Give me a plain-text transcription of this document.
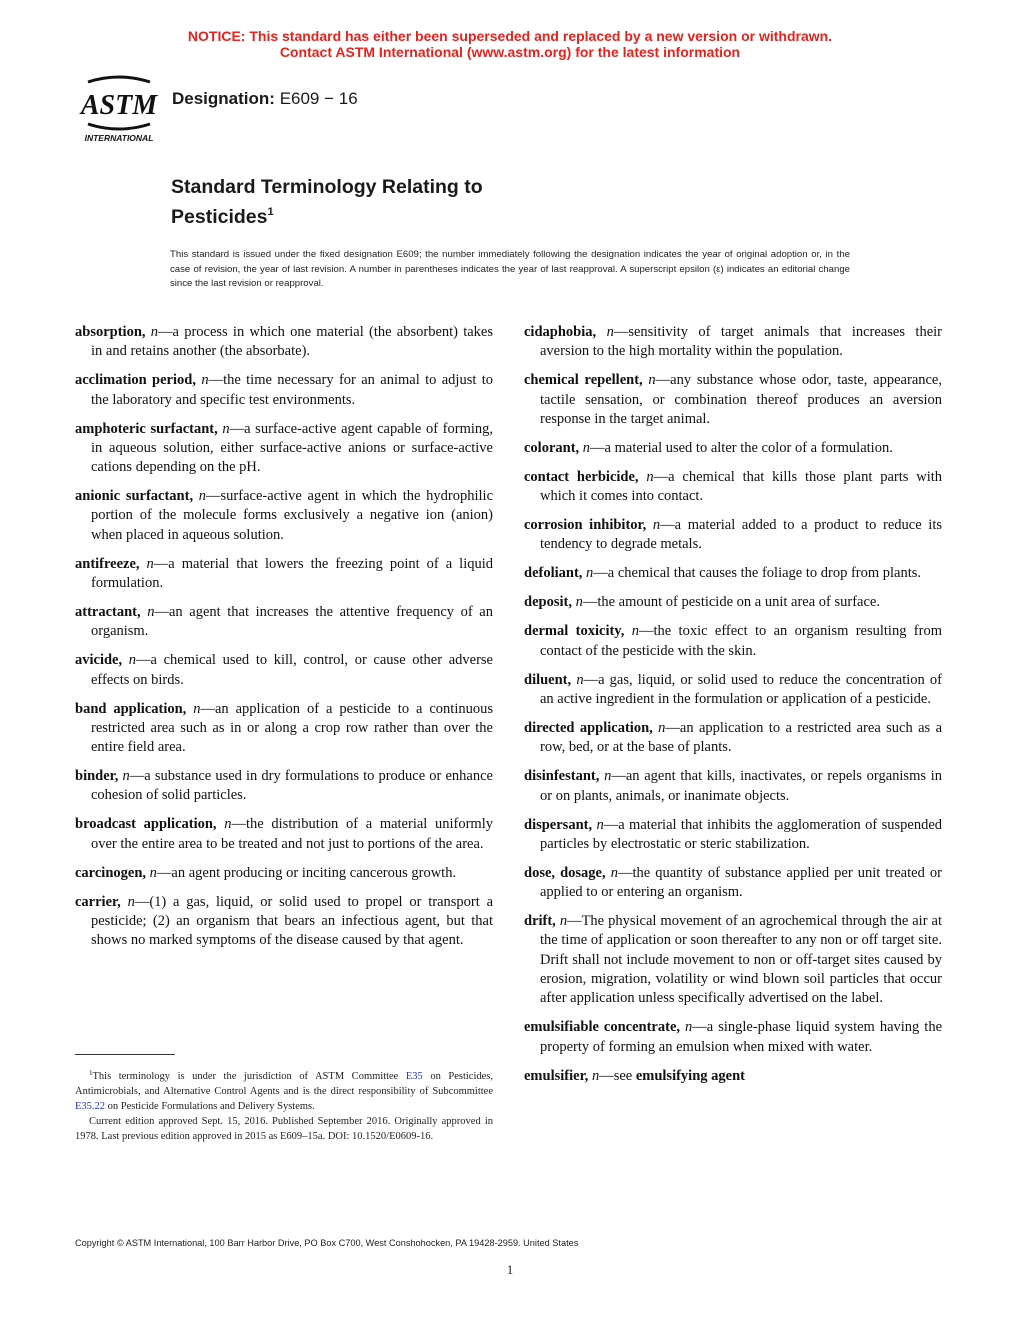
NOTICE: This standard has either been superseded and replaced by a new version or withdrawn.
Contact ASTM International (www.astm.org) for the latest information
ASTM
INTERNATIONAL
Designation: E609 − 16
Standard Terminology Relating to
Pesticides$^1$
This standard is issued under the fixed designation E609; the number immediately following the designation indicates the year of original adoption or, in the case of revision, the year of last revision. A number in parentheses indicates the year of last reapproval. A superscript epsilon (ε) indicates an editorial change since the last revision or reapproval.

absorption, n—a process in which one material (the absorbent) takes in and retains another (the absorbate).

acclimation period, n—the time necessary for an animal to adjust to the laboratory and specific test environments.

amphoteric surfactant, n—a surface-active agent capable of forming, in aqueous solution, either surface-active anions or surface-active cations depending on the pH.

anionic surfactant, n—surface-active agent in which the hydrophilic portion of the molecule forms exclusively a negative ion (anion) when placed in aqueous solution.

antifreeze, n—a material that lowers the freezing point of a liquid formulation.

attractant, n—an agent that increases the attentive frequency of an organism.

avicide, n—a chemical used to kill, control, or cause other adverse effects on birds.

band application, n—an application of a pesticide to a continuous restricted area such as in or along a crop row rather than over the entire field area.

binder, n—a substance used in dry formulations to produce or enhance cohesion of solid particles.

broadcast application, n—the distribution of a material uniformly over the entire area to be treated and not just to portions of the area.

carcinogen, n—an agent producing or inciting cancerous growth.

carrier, n—(1) a gas, liquid, or solid used to propel or transport a pesticide; (2) an organism that bears an infectious agent, but that shows no marked symptoms of the disease caused by that agent.

cidaphobia, n—sensitivity of target animals that increases their aversion to the high mortality within the population.

chemical repellent, n—any substance whose odor, taste, appearance, tactile sensation, or combination thereof produces an aversion response in the target animal.

colorant, n—a material used to alter the color of a formulation.

contact herbicide, n—a chemical that kills those plant parts with which it comes into contact.

corrosion inhibitor, n—a material added to a product to reduce its tendency to degrade metals.

defoliant, n—a chemical that causes the foliage to drop from plants.

deposit, n—the amount of pesticide on a unit area of surface.

dermal toxicity, n—the toxic effect to an organism resulting from contact of the pesticide with the skin.

diluent, n—a gas, liquid, or solid used to reduce the concentration of an active ingredient in the formulation or application of a pesticide.

directed application, n—an application to a restricted area such as a row, bed, or at the base of plants.

disinfestant, n—an agent that kills, inactivates, or repels organisms in or on plants, animals, or inanimate objects.

dispersant, n—a material that inhibits the agglomeration of suspended particles by electrostatic or steric stabilization.

dose, dosage, n—the quantity of substance applied per unit treated or applied to or entering an organism.

drift, n—The physical movement of an agrochemical through the air at the time of application or soon thereafter to any non or off target site. Drift shall not include movement to non or off-target sites caused by erosion, migration, volatility or wind blown soil particles that occur after application unless specifically advertised on the label.

emulsifiable concentrate, n—a single-phase liquid system having the property of forming an emulsion when mixed with water.

emulsifier, n—see emulsifying agent

$^1$This terminology is under the jurisdiction of ASTM Committee E35 on Pesticides, Antimicrobials, and Alternative Control Agents and is the direct responsibility of Subcommittee E35.22 on Pesticide Formulations and Delivery Systems.

Current edition approved Sept. 15, 2016. Published September 2016. Originally approved in 1978. Last previous edition approved in 2015 as E609–15a. DOI: 10.1520/E0609-16.

Copyright © ASTM International, 100 Barr Harbor Drive, PO Box C700, West Conshohocken, PA 19428-2959. United States
1
